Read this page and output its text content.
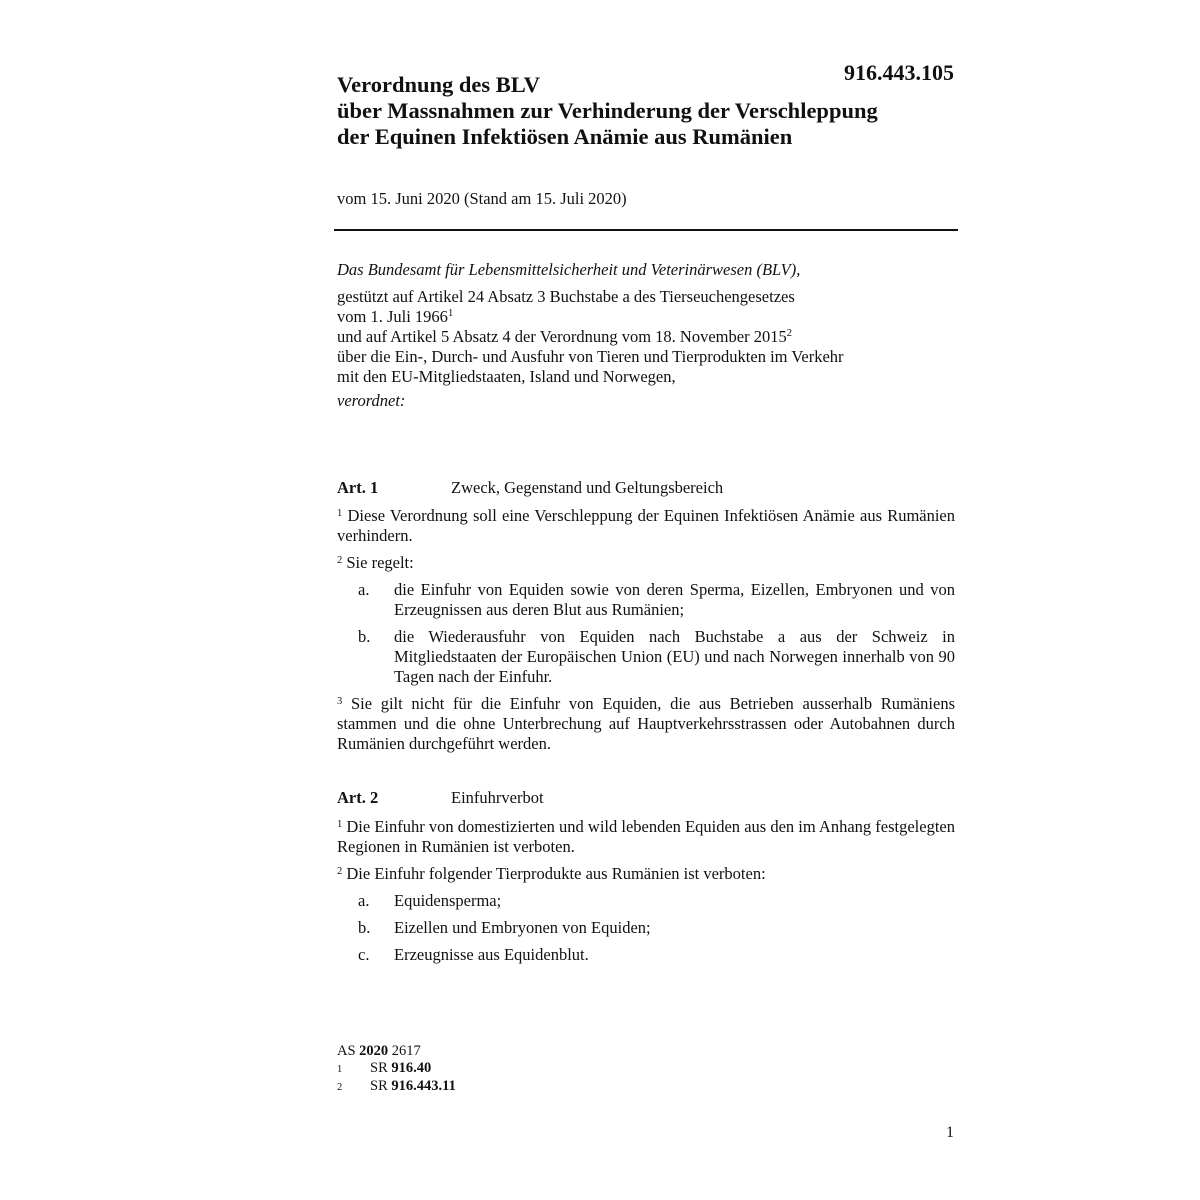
916.443.105
Verordnung des BLV
über Massnahmen zur Verhinderung der Verschleppung
der Equinen Infektiösen Anämie aus Rumänien
vom 15. Juni 2020 (Stand am 15. Juli 2020)
Das Bundesamt für Lebensmittelsicherheit und Veterinärwesen (BLV),
gestützt auf Artikel 24 Absatz 3 Buchstabe a des Tierseuchengesetzes
vom 1. Juli 1966$^1$
und auf Artikel 5 Absatz 4 der Verordnung vom 18. November 2015$^2$
über die Ein-, Durch- und Ausfuhr von Tieren und Tierprodukten im Verkehr
mit den EU-Mitgliedstaaten, Island und Norwegen,
verordnet:
Art. 1	Zweck, Gegenstand und Geltungsbereich

$^1$ Diese Verordnung soll eine Verschleppung der Equinen Infektiösen Anämie aus Rumänien verhindern.

$^2$ Sie regelt:

a.	die Einfuhr von Equiden sowie von deren Sperma, Eizellen, Embryonen und von Erzeugnissen aus deren Blut aus Rumänien;
b.	die Wiederausfuhr von Equiden nach Buchstabe a aus der Schweiz in Mitgliedstaaten der Europäischen Union (EU) und nach Norwegen innerhalb von 90 Tagen nach der Einfuhr.

$^3$ Sie gilt nicht für die Einfuhr von Equiden, die aus Betrieben ausserhalb Rumäniens stammen und die ohne Unterbrechung auf Hauptverkehrsstrassen oder Autobahnen durch Rumänien durchgeführt werden.

Art. 2	Einfuhrverbot

$^1$ Die Einfuhr von domestizierten und wild lebenden Equiden aus den im Anhang festgelegten Regionen in Rumänien ist verboten.

$^2$ Die Einfuhr folgender Tierprodukte aus Rumänien ist verboten:

a.	Equidensperma;
b.	Eizellen und Embryonen von Equiden;
c.	Erzeugnisse aus Equidenblut.
AS 2020 2617
1	SR
916.40
2	SR
916.443.11
1
